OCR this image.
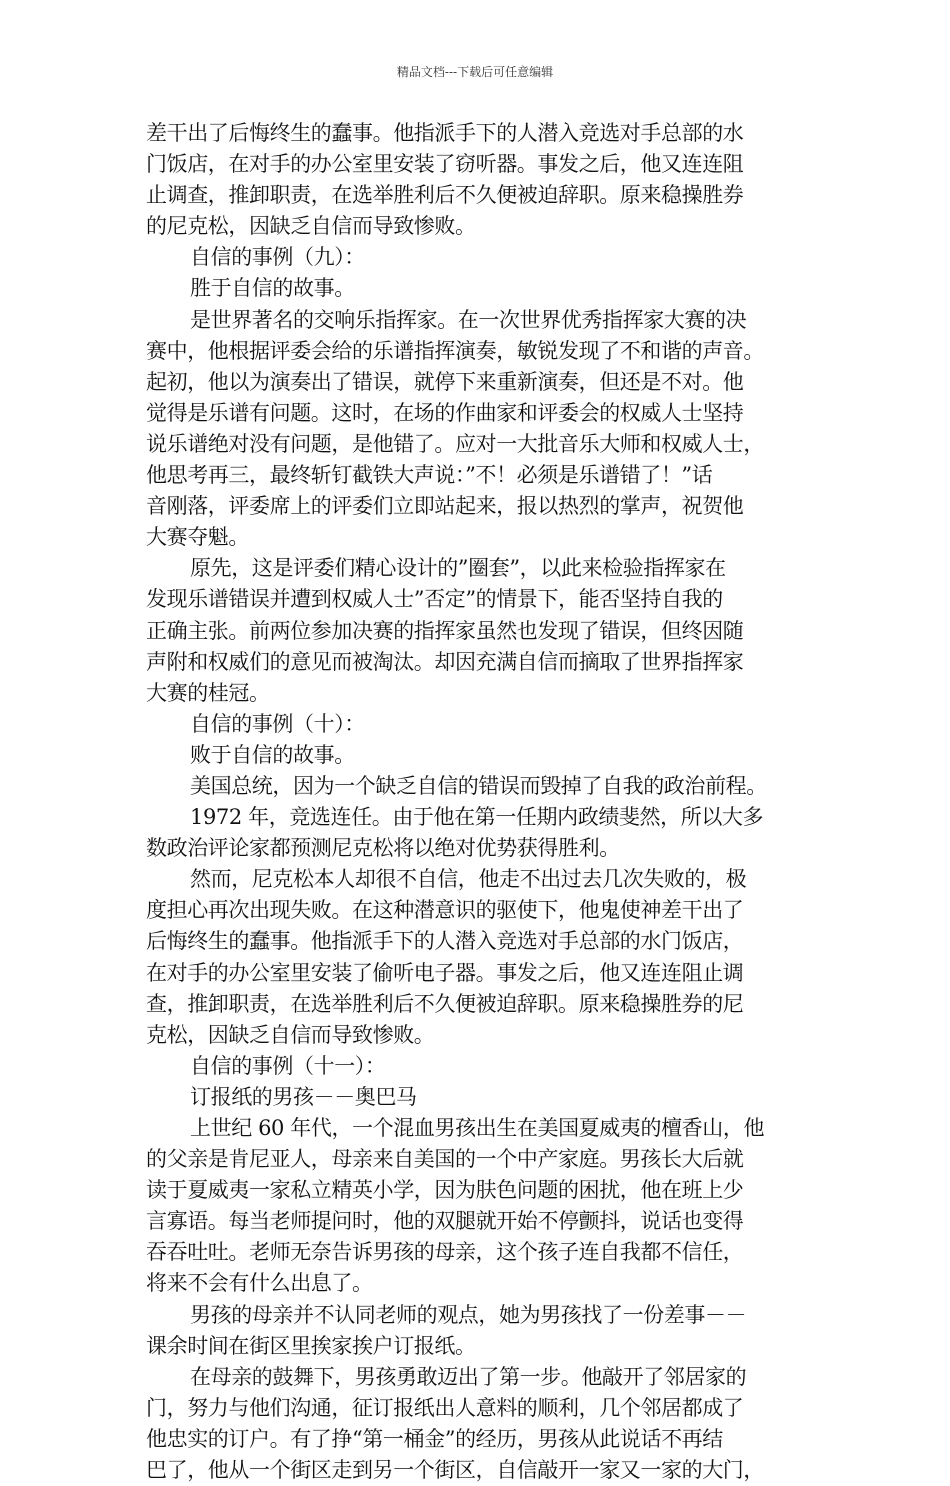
精品文档---下载后可任意编辑
差干出了后悔终生的蠢事。他指派手下的人潜入竞选对手总部的水
门饭店，在对手的办公室里安装了窃听器。事发之后，他又连连阻
止调查，推卸职责，在选举胜利后不久便被迫辞职。原来稳操胜券
的尼克松，因缺乏自信而导致惨败。
自信的事例（九）：
胜于自信的故事。
是世界著名的交响乐指挥家。在一次世界优秀指挥家大赛的决
赛中，他根据评委会给的乐谱指挥演奏，敏锐发现了不和谐的声音。
起初，他以为演奏出了错误，就停下来重新演奏，但还是不对。他
觉得是乐谱有问题。这时，在场的作曲家和评委会的权威人士坚持
说乐谱绝对没有问题，是他错了。应对一大批音乐大师和权威人士，
他思考再三，最终斩钉截铁大声说：”不！必须是乐谱错了！”话
音刚落，评委席上的评委们立即站起来，报以热烈的掌声，祝贺他
大赛夺魁。
原先，这是评委们精心设计的”圈套”，以此来检验指挥家在
发现乐谱错误并遭到权威人士”否定”的情景下，能否坚持自我的
正确主张。前两位参加决赛的指挥家虽然也发现了错误，但终因随
声附和权威们的意见而被淘汰。却因充满自信而摘取了世界指挥家
大赛的桂冠。
自信的事例（十）：
败于自信的故事。
美国总统，因为一个缺乏自信的错误而毁掉了自我的政治前程。
1972 年，竞选连任。由于他在第一任期内政绩斐然，所以大多
数政治评论家都预测尼克松将以绝对优势获得胜利。
然而，尼克松本人却很不自信，他走不出过去几次失败的，极
度担心再次出现失败。在这种潜意识的驱使下，他鬼使神差干出了
后悔终生的蠢事。他指派手下的人潜入竞选对手总部的水门饭店，
在对手的办公室里安装了偷听电子器。事发之后，他又连连阻止调
查，推卸职责，在选举胜利后不久便被迫辞职。原来稳操胜券的尼
克松，因缺乏自信而导致惨败。
自信的事例（十一）：
订报纸的男孩－－奥巴马
上世纪 60 年代，一个混血男孩出生在美国夏威夷的檀香山，他
的父亲是肯尼亚人，母亲来自美国的一个中产家庭。男孩长大后就
读于夏威夷一家私立精英小学，因为肤色问题的困扰，他在班上少
言寡语。每当老师提问时，他的双腿就开始不停颤抖，说话也变得
吞吞吐吐。老师无奈告诉男孩的母亲，这个孩子连自我都不信任，
将来不会有什么出息了。
男孩的母亲并不认同老师的观点，她为男孩找了一份差事－－
课余时间在街区里挨家挨户订报纸。
在母亲的鼓舞下，男孩勇敢迈出了第一步。他敲开了邻居家的
门，努力与他们沟通，征订报纸出人意料的顺利，几个邻居都成了
他忠实的订户。有了挣“第一桶金”的经历，男孩从此说话不再结
巴了，他从一个街区走到另一个街区，自信敲开一家又一家的大门，
